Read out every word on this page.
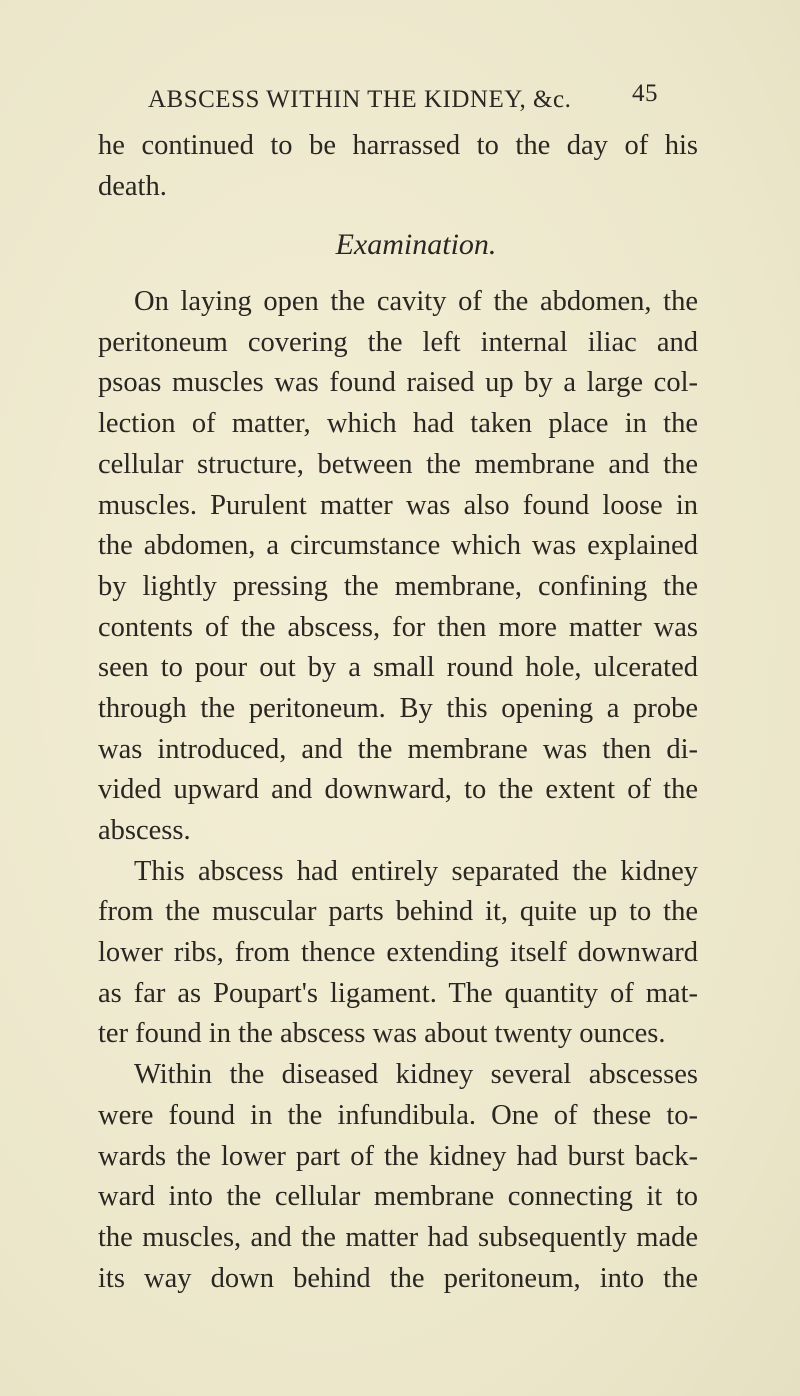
ABSCESS WITHIN THE KIDNEY, &c. 45
he continued to be harrassed to the day of his
death.
Examination.
On laying open the cavity of the abdomen, the
peritoneum covering the left internal iliac and
psoas muscles was found raised up by a large col-
lection of matter, which had taken place in the
cellular structure, between the membrane and the
muscles. Purulent matter was also found loose in
the abdomen, a circumstance which was explained
by lightly pressing the membrane, confining the
contents of the abscess, for then more matter was
seen to pour out by a small round hole, ulcerated
through the peritoneum. By this opening a probe
was introduced, and the membrane was then di-
vided upward and downward, to the extent of the
abscess.
This abscess had entirely separated the kidney
from the muscular parts behind it, quite up to the
lower ribs, from thence extending itself downward
as far as Poupart's ligament. The quantity of mat-
ter found in the abscess was about twenty ounces.
Within the diseased kidney several abscesses
were found in the infundibula. One of these to-
wards the lower part of the kidney had burst back-
ward into the cellular membrane connecting it to
the muscles, and the matter had subsequently made
its way down behind the peritoneum, into the
